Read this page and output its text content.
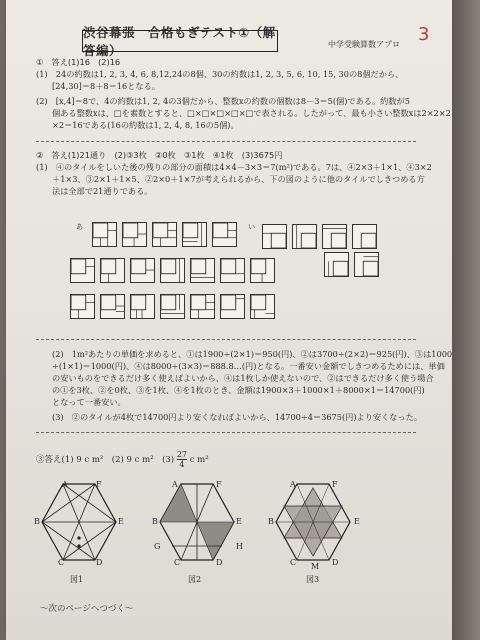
渋谷幕張　合格もぎテスト①（解答編）	中学受験算数アプロ 3
①　答え(1)16　(2)16
(1)　24の約数は1, 2, 3, 4, 6, 8,12,24の8個、30の約数は1, 2, 3, 5, 6, 10, 15, 30の8個だから、
[24,30]＝8＋8＝16となる。
(2)　[x,4]＝8で、4の約数は1, 2, 4の3個だから、整数xの約数の個数は8－3＝5(個)である。約数が5
個ある整数xは、□を素数とすると、□×□×□×□×□で表される。したがって、最も小さい整数xは2×2×2
×2＝16である(16の約数は1, 2, 4, 8, 16の5個)。
②　答え(1)21通り　(2)③3枚　②0枚　③1枚　④1枚　(3)3675円
(1)　④のタイルをしいた後の残りの部分の面積は4×4－3×3＝7(m²)である。7は、④2×3＋1×1、④3×2
＋1×3、③2×1＋1×5、②2×0＋1×7が考えられるから、下の図のように他のタイルでしきつめる方
法は全部で21通りである。
あ	い
(2)　1m²あたりの単価を求めると、①は1900÷(2×1)＝950(円)、②は3700÷(2×2)＝925(円)、③は1000
÷(1×1)＝1000(円)、④は8000÷(3×3)＝888.8…(円)となる。一番安い金額でしきつめるためには、単価
の安いものをできるだけ多く使えばよいから、④は1枚しか使えないので、②はできるだけ多く使う場合
の①を3枚、②を0枚、③を1枚、④を1枚のとき、金額は1900×3＋1000×1＋8000×1＝14700(円)
となって一番安い。
(3)　②のタイルが4枚で14700円より安くなればよいから、14700÷4＝3675(円)より安くなった。
③答え(1) 9 c m²　(2) 9 c m²　$(3) \frac{27}{4}$ c m²
A	F
B	E
C	D
図1
A	F
B	E
G	H
C	D
図2
A	F
B	E
C M D
図3
～次のページへつづく～
